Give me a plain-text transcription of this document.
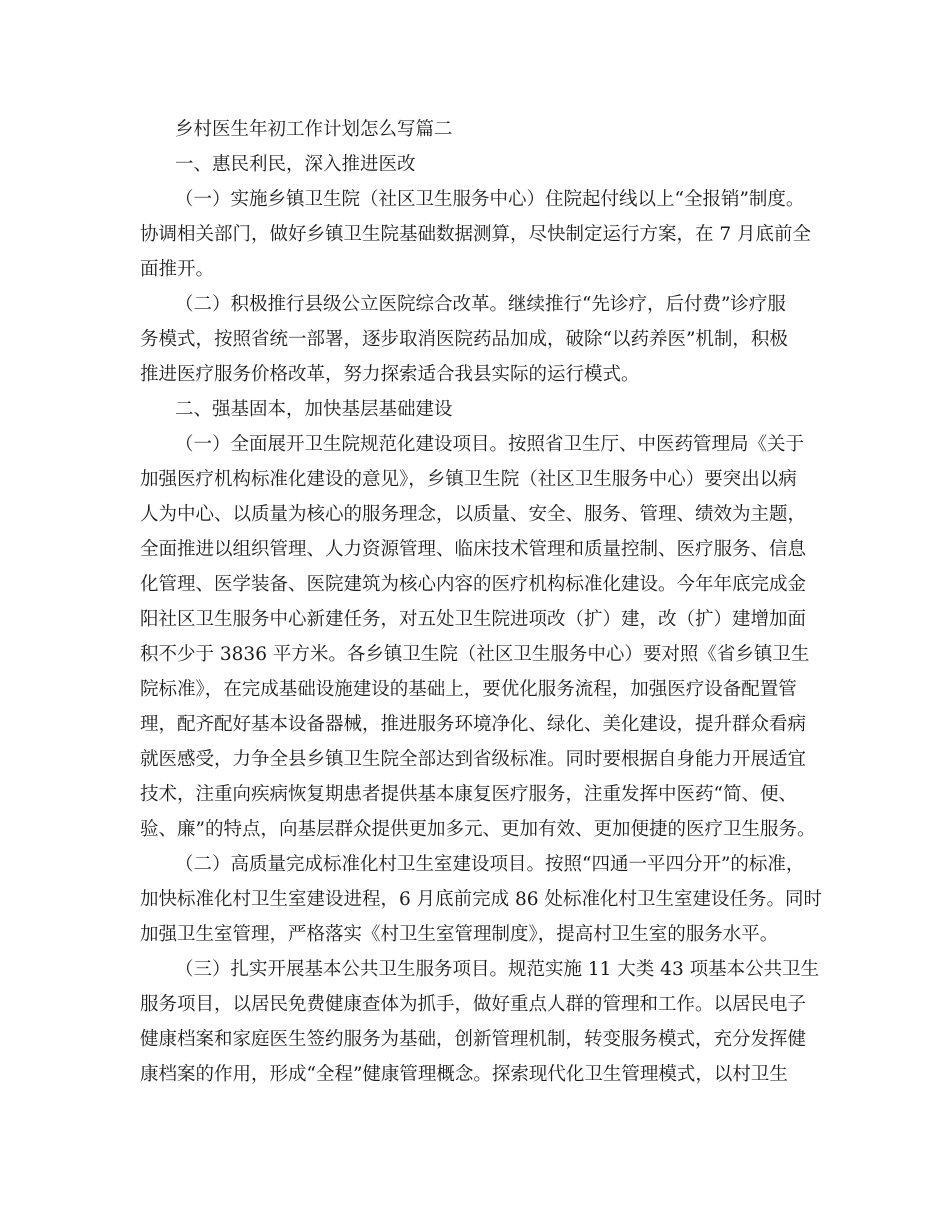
乡村医生年初工作计划怎么写篇二
一、惠民利民，深入推进医改
（一）实施乡镇卫生院（社区卫生服务中心）住院起付线以上“全报销”制度。
协调相关部门，做好乡镇卫生院基础数据测算，尽快制定运行方案，在 7 月底前全
面推开。
（二）积极推行县级公立医院综合改革。继续推行“先诊疗，后付费”诊疗服
务模式，按照省统一部署，逐步取消医院药品加成，破除“以药养医”机制，积极
推进医疗服务价格改革，努力探索适合我县实际的运行模式。
二、强基固本，加快基层基础建设
（一）全面展开卫生院规范化建设项目。按照省卫生厅、中医药管理局《关于
加强医疗机构标准化建设的意见》，乡镇卫生院（社区卫生服务中心）要突出以病
人为中心、以质量为核心的服务理念，以质量、安全、服务、管理、绩效为主题，
全面推进以组织管理、人力资源管理、临床技术管理和质量控制、医疗服务、信息
化管理、医学装备、医院建筑为核心内容的医疗机构标准化建设。今年年底完成金
阳社区卫生服务中心新建任务，对五处卫生院进项改（扩）建，改（扩）建增加面
积不少于 3836 平方米。各乡镇卫生院（社区卫生服务中心）要对照《省乡镇卫生
院标准》，在完成基础设施建设的基础上，要优化服务流程，加强医疗设备配置管
理，配齐配好基本设备器械，推进服务环境净化、绿化、美化建设，提升群众看病
就医感受，力争全县乡镇卫生院全部达到省级标准。同时要根据自身能力开展适宜
技术，注重向疾病恢复期患者提供基本康复医疗服务，注重发挥中医药“简、便、
验、廉”的特点，向基层群众提供更加多元、更加有效、更加便捷的医疗卫生服务。
（二）高质量完成标准化村卫生室建设项目。按照“四通一平四分开”的标准，
加快标准化村卫生室建设进程，6 月底前完成 86 处标准化村卫生室建设任务。同时
加强卫生室管理，严格落实《村卫生室管理制度》，提高村卫生室的服务水平。
（三）扎实开展基本公共卫生服务项目。规范实施 11 大类 43 项基本公共卫生
服务项目，以居民免费健康查体为抓手，做好重点人群的管理和工作。以居民电子
健康档案和家庭医生签约服务为基础，创新管理机制，转变服务模式，充分发挥健
康档案的作用，形成“全程”健康管理概念。探索现代化卫生管理模式，以村卫生
